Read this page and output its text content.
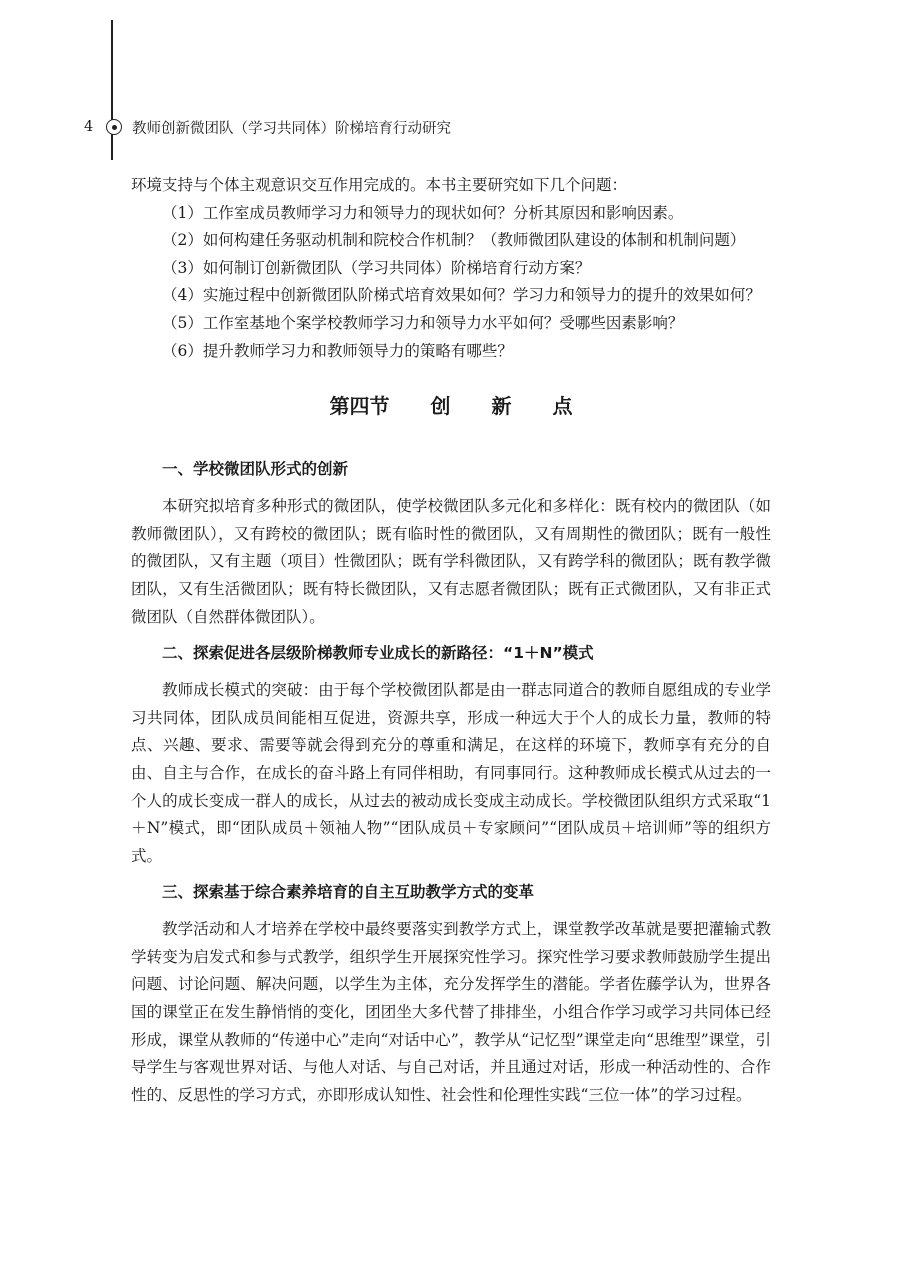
4	教师创新微团队（学习共同体）阶梯培育行动研究

环境支持与个体主观意识交互作用完成的。本书主要研究如下几个问题：

（1）工作室成员教师学习力和领导力的现状如何？分析其原因和影响因素。

（2）如何构建任务驱动机制和院校合作机制？（教师微团队建设的体制和机制问题）

（3）如何制订创新微团队（学习共同体）阶梯培育行动方案？

（4）实施过程中创新微团队阶梯式培育效果如何？学习力和领导力的提升的效果如何？

（5）工作室基地个案学校教师学习力和领导力水平如何？受哪些因素影响？

（6）提升教师学习力和教师领导力的策略有哪些？

第四节 创 新 点

一、学校微团队形式的创新

本研究拟培育多种形式的微团队，使学校微团队多元化和多样化：既有校内的微团队（如教师微团队），又有跨校的微团队；既有临时性的微团队，又有周期性的微团队；既有一般性的微团队，又有主题（项目）性微团队；既有学科微团队，又有跨学科的微团队；既有教学微团队，又有生活微团队；既有特长微团队，又有志愿者微团队；既有正式微团队，又有非正式微团队（自然群体微团队）。

二、探索促进各层级阶梯教师专业成长的新路径：“1＋N”模式

教师成长模式的突破：由于每个学校微团队都是由一群志同道合的教师自愿组成的专业学习共同体，团队成员间能相互促进，资源共享，形成一种远大于个人的成长力量，教师的特点、兴趣、要求、需要等就会得到充分的尊重和满足，在这样的环境下，教师享有充分的自由、自主与合作，在成长的奋斗路上有同伴相助，有同事同行。这种教师成长模式从过去的一个人的成长变成一群人的成长，从过去的被动成长变成主动成长。学校微团队组织方式采取“1＋N”模式，即“团队成员＋领袖人物”“团队成员＋专家顾问”“团队成员＋培训师”等的组织方式。

三、探索基于综合素养培育的自主互助教学方式的变革

教学活动和人才培养在学校中最终要落实到教学方式上，课堂教学改革就是要把灌输式教学转变为启发式和参与式教学，组织学生开展探究性学习。探究性学习要求教师鼓励学生提出问题、讨论问题、解决问题，以学生为主体，充分发挥学生的潜能。学者佐藤学认为，世界各国的课堂正在发生静悄悄的变化，团团坐大多代替了排排坐，小组合作学习或学习共同体已经形成，课堂从教师的“传递中心”走向“对话中心”，教学从“记忆型”课堂走向“思维型”课堂，引导学生与客观世界对话、与他人对话、与自己对话，并且通过对话，形成一种活动性的、合作性的、反思性的学习方式，亦即形成认知性、社会性和伦理性实践“三位一体”的学习过程。
